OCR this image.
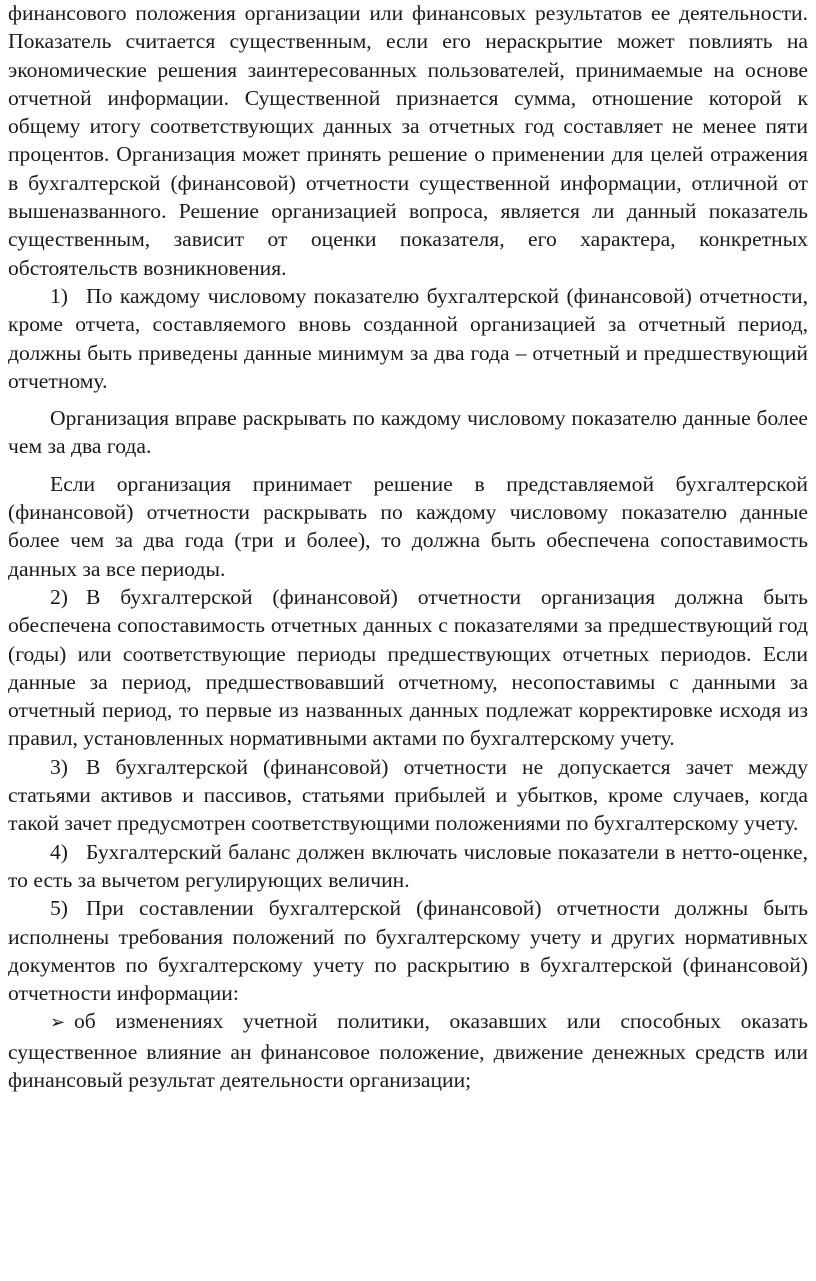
финансового положения организации или финансовых результатов ее деятельности. Показатель считается существенным, если его нераскрытие может повлиять на экономические решения заинтересованных пользователей, принимаемые на основе отчетной информации. Существенной признается сумма, отношение которой к общему итогу соответствующих данных за отчетных год составляет не менее пяти процентов. Организация может принять решение о применении для целей отражения в бухгалтерской (финансовой) отчетности существенной информации, отличной от вышеназванного. Решение организацией вопроса, является ли данный показатель существенным, зависит от оценки показателя, его характера, конкретных обстоятельств возникновения.

1) По каждому числовому показателю бухгалтерской (финансовой) отчетности, кроме отчета, составляемого вновь созданной организацией за отчетный период, должны быть приведены данные минимум за два года – отчетный и предшествующий отчетному.

Организация вправе раскрывать по каждому числовому показателю данные более чем за два года.

Если организация принимает решение в представляемой бухгалтерской (финансовой) отчетности раскрывать по каждому числовому показателю данные более чем за два года (три и более), то должна быть обеспечена сопоставимость данных за все периоды.

2) В бухгалтерской (финансовой) отчетности организация должна быть обеспечена сопоставимость отчетных данных с показателями за предшествующий год (годы) или соответствующие периоды предшествующих отчетных периодов. Если данные за период, предшествовавший отчетному, несопоставимы с данными за отчетный период, то первые из названных данных подлежат корректировке исходя из правил, установленных нормативными актами по бухгалтерскому учету.

3) В бухгалтерской (финансовой) отчетности не допускается зачет между статьями активов и пассивов, статьями прибылей и убытков, кроме случаев, когда такой зачет предусмотрен соответствующими положениями по бухгалтерскому учету.

4) Бухгалтерский баланс должен включать числовые показатели в нетто-оценке, то есть за вычетом регулирующих величин.

5) При составлении бухгалтерской (финансовой) отчетности должны быть исполнены требования положений по бухгалтерскому учету и других нормативных документов по бухгалтерскому учету по раскрытию в бухгалтерской (финансовой) отчетности информации:

➢ об изменениях учетной политики, оказавших или способных оказать существенное влияние ан финансовое положение, движение денежных средств или финансовый результат деятельности организации;
